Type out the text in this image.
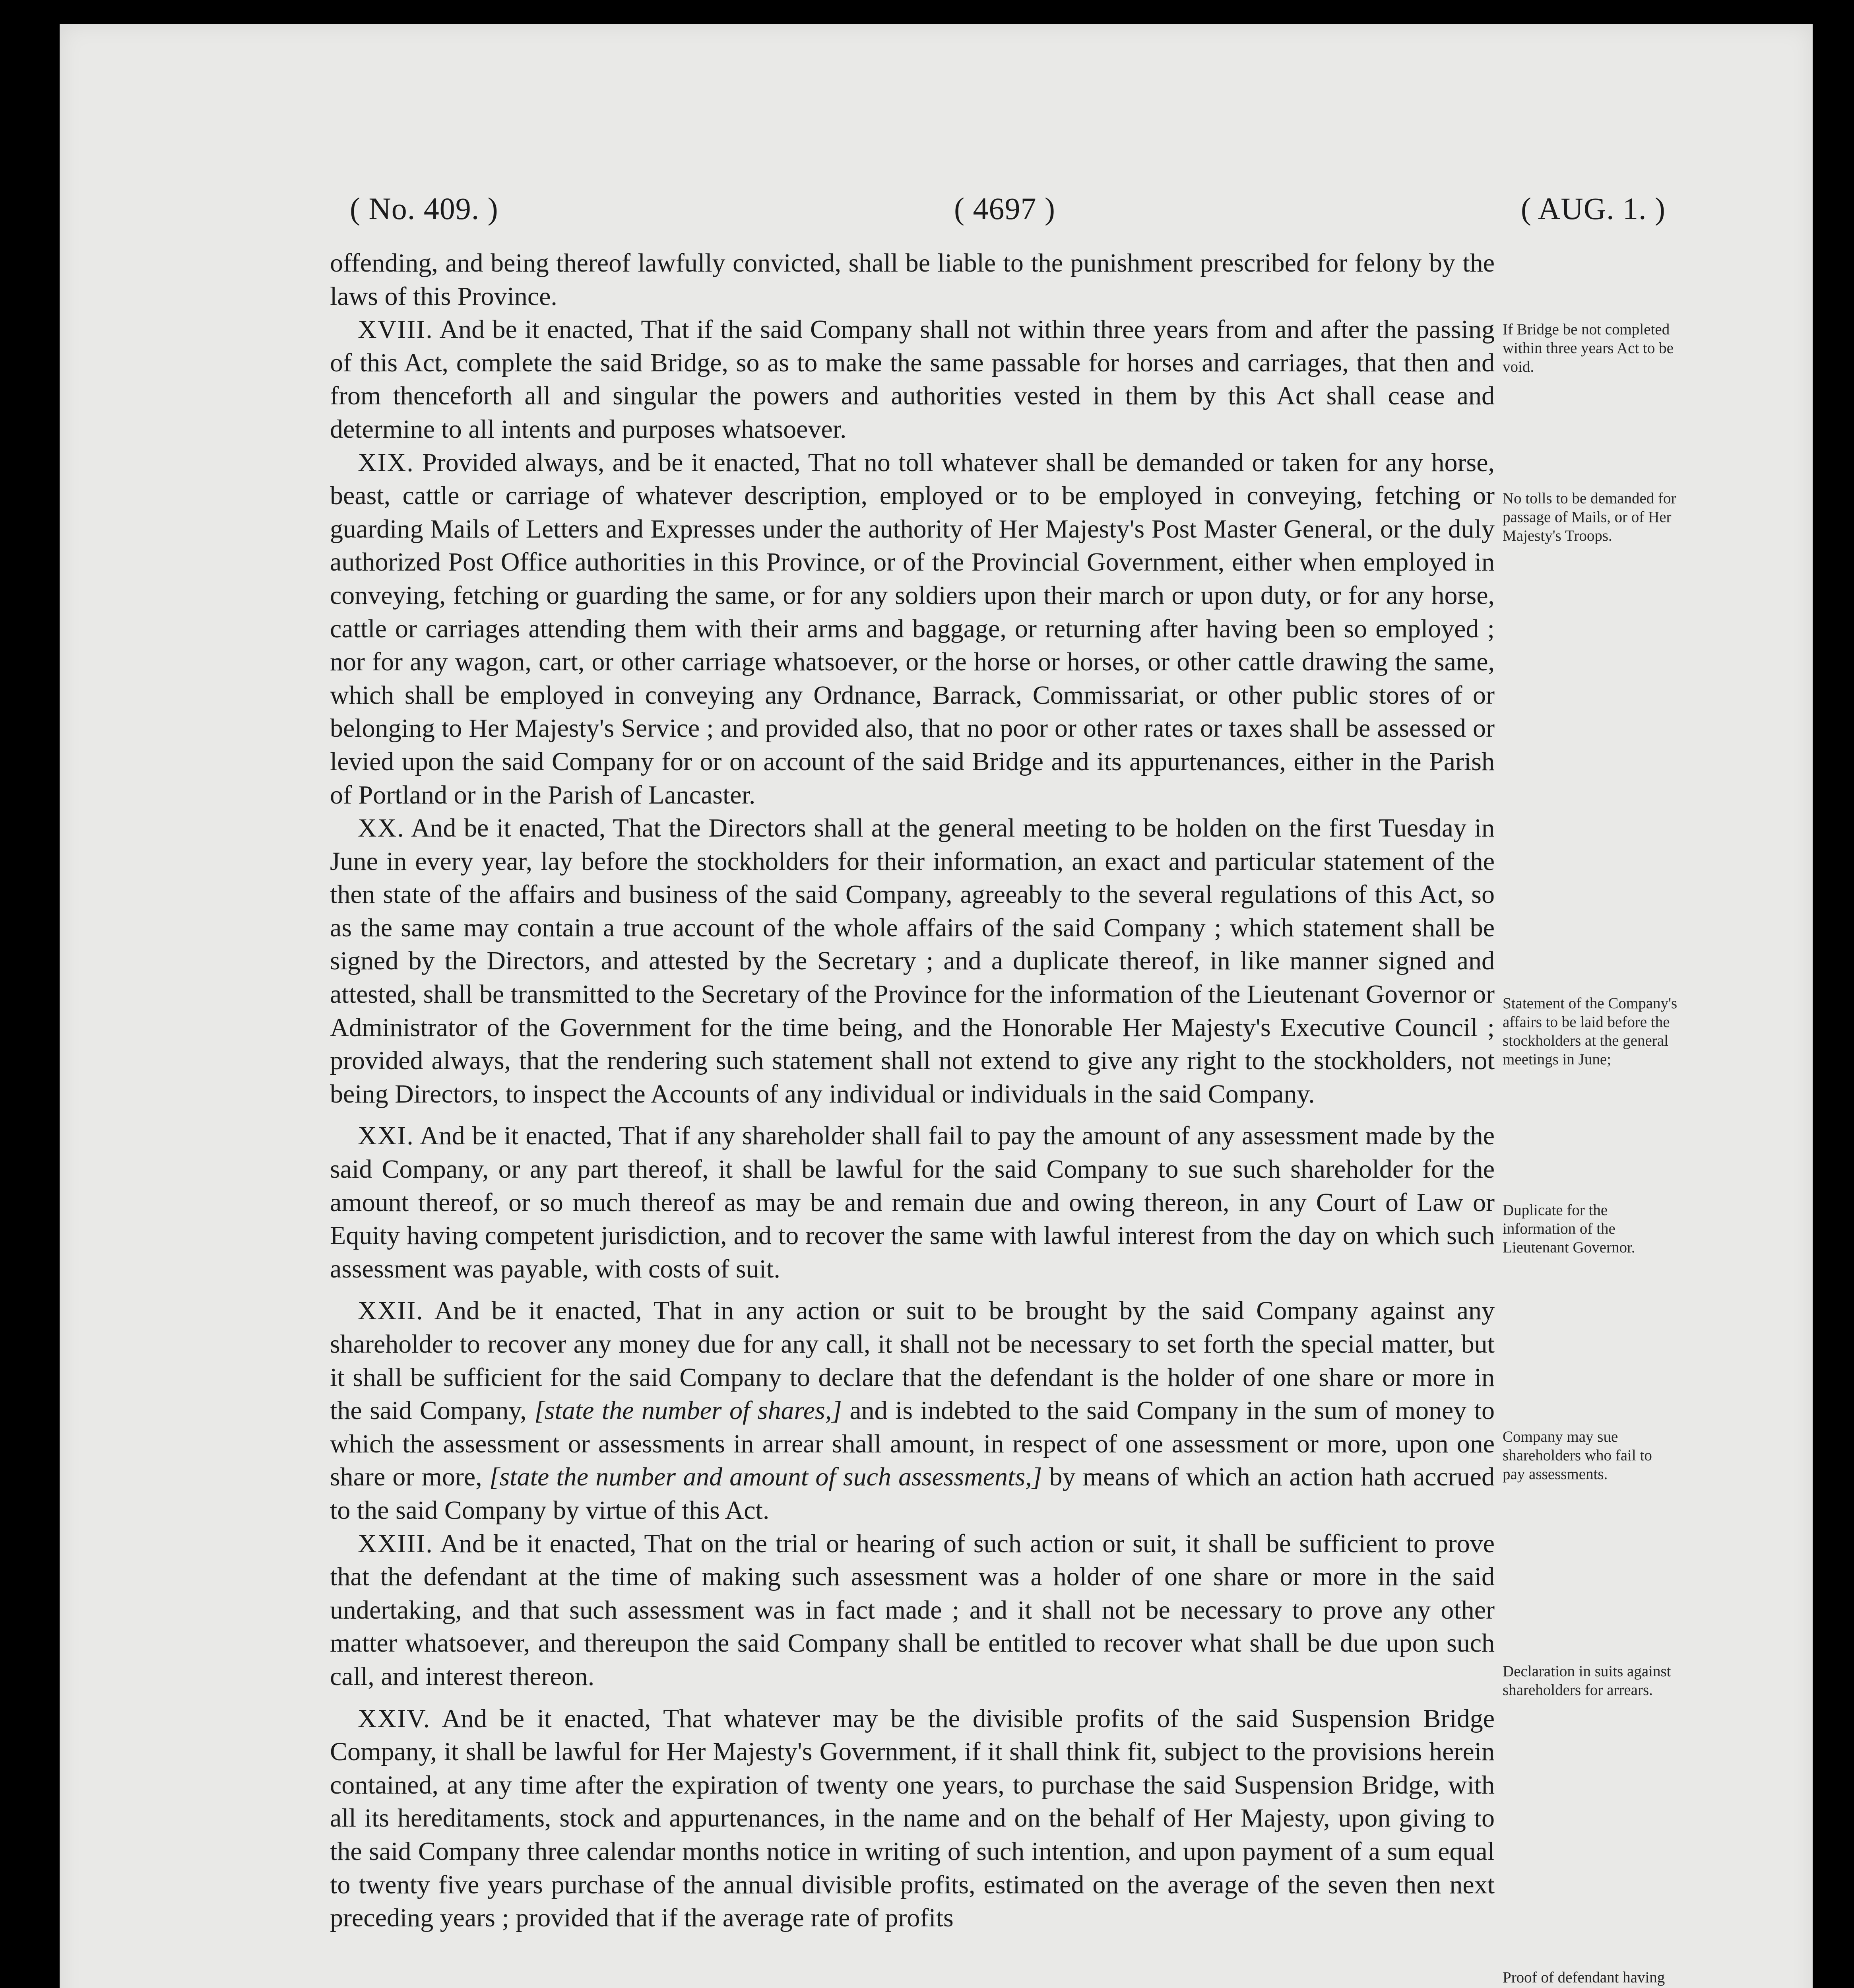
( No. 409. )	( 4697 )	( AUG. 1. )

offending, and being thereof lawfully convicted, shall be liable to the punishment prescribed for felony by the laws of this Province.

XVIII. And be it enacted, That if the said Company shall not within three years from and after the passing of this Act, complete the said Bridge, so as to make the same passable for horses and carriages, that then and from thenceforth all and singular the powers and authorities vested in them by this Act shall cease and determine to all intents and purposes whatsoever.

XIX. Provided always, and be it enacted, That no toll whatever shall be demanded or taken for any horse, beast, cattle or carriage of whatever description, employed or to be employed in conveying, fetching or guarding Mails of Letters and Expresses under the authority of Her Majesty's Post Master General, or the duly authorized Post Office authorities in this Province, or of the Provincial Government, either when employed in conveying, fetching or guarding the same, or for any soldiers upon their march or upon duty, or for any horse, cattle or carriages attending them with their arms and baggage, or returning after having been so employed ; nor for any wagon, cart, or other carriage whatsoever, or the horse or horses, or other cattle drawing the same, which shall be employed in conveying any Ordnance, Barrack, Commissariat, or other public stores of or belonging to Her Majesty's Service ; and provided also, that no poor or other rates or taxes shall be assessed or levied upon the said Company for or on account of the said Bridge and its appurtenances, either in the Parish of Portland or in the Parish of Lancaster.

XX. And be it enacted, That the Directors shall at the general meeting to be holden on the first Tuesday in June in every year, lay before the stockholders for their information, an exact and particular statement of the then state of the affairs and business of the said Company, agreeably to the several regulations of this Act, so as the same may contain a true account of the whole affairs of the said Company ; which statement shall be signed by the Directors, and attested by the Secretary ; and a duplicate thereof, in like manner signed and attested, shall be transmitted to the Secretary of the Province for the information of the Lieutenant Governor or Administrator of the Government for the time being, and the Honorable Her Majesty's Executive Council ; provided always, that the rendering such statement shall not extend to give any right to the stockholders, not being Directors, to inspect the Accounts of any individual or individuals in the said Company.

XXI. And be it enacted, That if any shareholder shall fail to pay the amount of any assessment made by the said Company, or any part thereof, it shall be lawful for the said Company to sue such shareholder for the amount thereof, or so much thereof as may be and remain due and owing thereon, in any Court of Law or Equity having competent jurisdiction, and to recover the same with lawful interest from the day on which such assessment was payable, with costs of suit.

XXII. And be it enacted, That in any action or suit to be brought by the said Company against any shareholder to recover any money due for any call, it shall not be necessary to set forth the special matter, but it shall be sufficient for the said Company to declare that the defendant is the holder of one share or more in the said Company, [state the number of shares,] and is indebted to the said Company in the sum of money to which the assessment or assessments in arrear shall amount, in respect of one assessment or more, upon one share or more, [state the number and amount of such assessments,] by means of which an action hath accrued to the said Company by virtue of this Act.

XXIII. And be it enacted, That on the trial or hearing of such action or suit, it shall be sufficient to prove that the defendant at the time of making such assessment was a holder of one share or more in the said undertaking, and that such assessment was in fact made ; and it shall not be necessary to prove any other matter whatsoever, and thereupon the said Company shall be entitled to recover what shall be due upon such call, and interest thereon.

XXIV. And be it enacted, That whatever may be the divisible profits of the said Suspension Bridge Company, it shall be lawful for Her Majesty's Government, if it shall think fit, subject to the provisions herein contained, at any time after the expiration of twenty one years, to purchase the said Suspension Bridge, with all its hereditaments, stock and appurtenances, in the name and on the behalf of Her Majesty, upon giving to the said Company three calendar months notice in writing of such intention, and upon payment of a sum equal to twenty five years purchase of the annual divisible profits, estimated on the average of the seven then next preceding years ; provided that if the average rate of profits

If Bridge be not completed within three years Act to be void.
No tolls to be demanded for passage of Mails, or of Her Majesty's Troops.
Statement of the Company's affairs to be laid before the stockholders at the general meetings in June;
Duplicate for the information of the Lieutenant Governor.
Company may sue shareholders who fail to pay assessments.
Declaration in suits against shareholders for arrears.
Proof of defendant having
